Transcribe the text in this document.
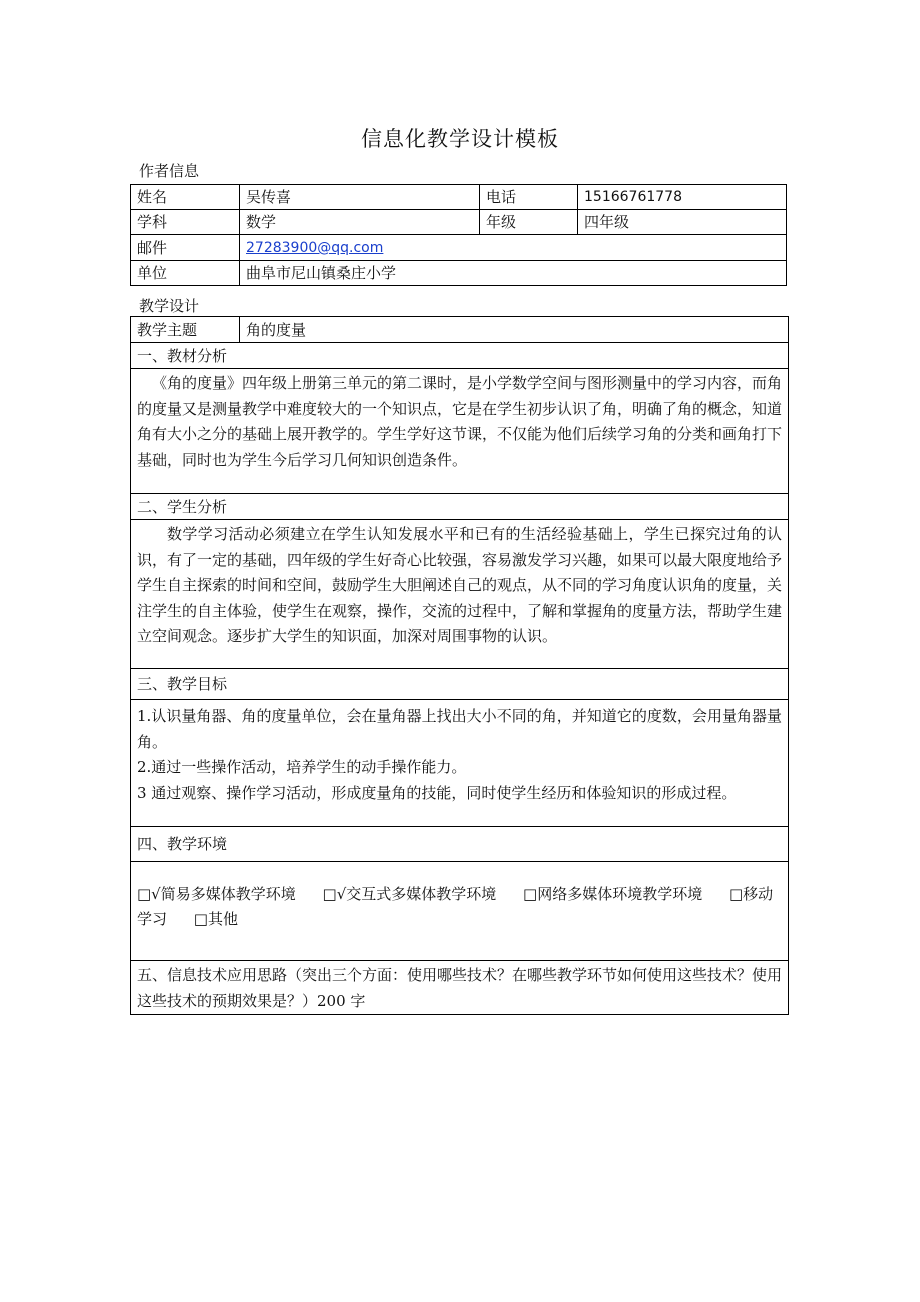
信息化教学设计模板
作者信息
姓名	吴传喜	电话	15166761778
学科	数学	年级	四年级
邮件	27283900@qq.com		
单位	曲阜市尼山镇桑庄小学		
教学设计
教学主题	角的度量
一、教材分析

《角的度量》四年级上册第三单元的第二课时，是小学数学空间与图形测量中的学习内容，而角的度量又是测量教学中难度较大的一个知识点，它是在学生初步认识了角，明确了角的概念，知道角有大小之分的基础上展开教学的。学生学好这节课，不仅能为他们后续学习角的分类和画角打下基础，同时也为学生今后学习几何知识创造条件。

二、学生分析

数学学习活动必须建立在学生认知发展水平和已有的生活经验基础上，学生已探究过角的认识，有了一定的基础，四年级的学生好奇心比较强，容易激发学习兴趣，如果可以最大限度地给予学生自主探索的时间和空间，鼓励学生大胆阐述自己的观点，从不同的学习角度认识角的度量，关注学生的自主体验，使学生在观察，操作，交流的过程中，了解和掌握角的度量方法，帮助学生建立空间观念。逐步扩大学生的知识面，加深对周围事物的认识。

三、教学目标

1.认识量角器、角的度量单位，会在量角器上找出大小不同的角，并知道它的度数，会用量角器量角。
2.通过一些操作活动，培养学生的动手操作能力。
3 通过观察、操作学习活动，形成度量角的技能，同时使学生经历和体验知识的形成过程。

四、教学环境

□√简易多媒体教学环境 □√交互式多媒体教学环境 □网络多媒体环境教学环境 □移动学习 □其他

五、信息技术应用思路（突出三个方面：使用哪些技术？在哪些教学环节如何使用这些技术？使用这些技术的预期效果是？）200 字
